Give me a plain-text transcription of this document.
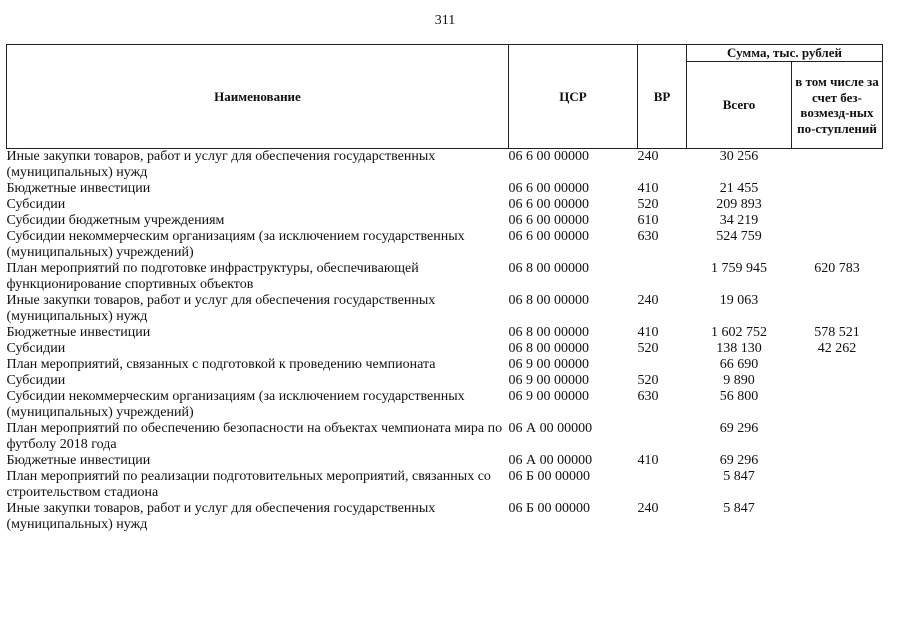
311
Наименование	ЦСР	ВР	Сумма, тыс. рублей	
			Всего	в том числе за счет без-возмезд-ных по-ступлений
Иные закупки товаров, работ и услуг для обеспечения государственных (муниципальных) нужд	06 6 00 00000	240	30 256	
Бюджетные инвестиции	06 6 00 00000	410	21 455	
Субсидии	06 6 00 00000	520	209 893	
Субсидии бюджетным учреждениям	06 6 00 00000	610	34 219	
Субсидии некоммерческим организациям (за исключением государственных (муниципальных) учреждений)	06 6 00 00000	630	524 759	
План мероприятий по подготовке инфраструктуры, обеспечивающей функционирование спортивных объектов	06 8 00 00000		1 759 945	620 783
Иные закупки товаров, работ и услуг для обеспечения государственных (муниципальных) нужд	06 8 00 00000	240	19 063	
Бюджетные инвестиции	06 8 00 00000	410	1 602 752	578 521
Субсидии	06 8 00 00000	520	138 130	42 262
План мероприятий, связанных с подготовкой к проведению чемпионата	06 9 00 00000		66 690	
Субсидии	06 9 00 00000	520	9 890	
Субсидии некоммерческим организациям (за исключением государственных (муниципальных) учреждений)	06 9 00 00000	630	56 800	
План мероприятий по обеспечению безопасности на объектах чемпионата мира по футболу 2018 года	06 А 00 00000		69 296	
Бюджетные инвестиции	06 А 00 00000	410	69 296	
План мероприятий по реализации подготовительных мероприятий, связанных со строительством стадиона	06 Б 00 00000		5 847	
Иные закупки товаров, работ и услуг для обеспечения государственных (муниципальных) нужд	06 Б 00 00000	240	5 847	
